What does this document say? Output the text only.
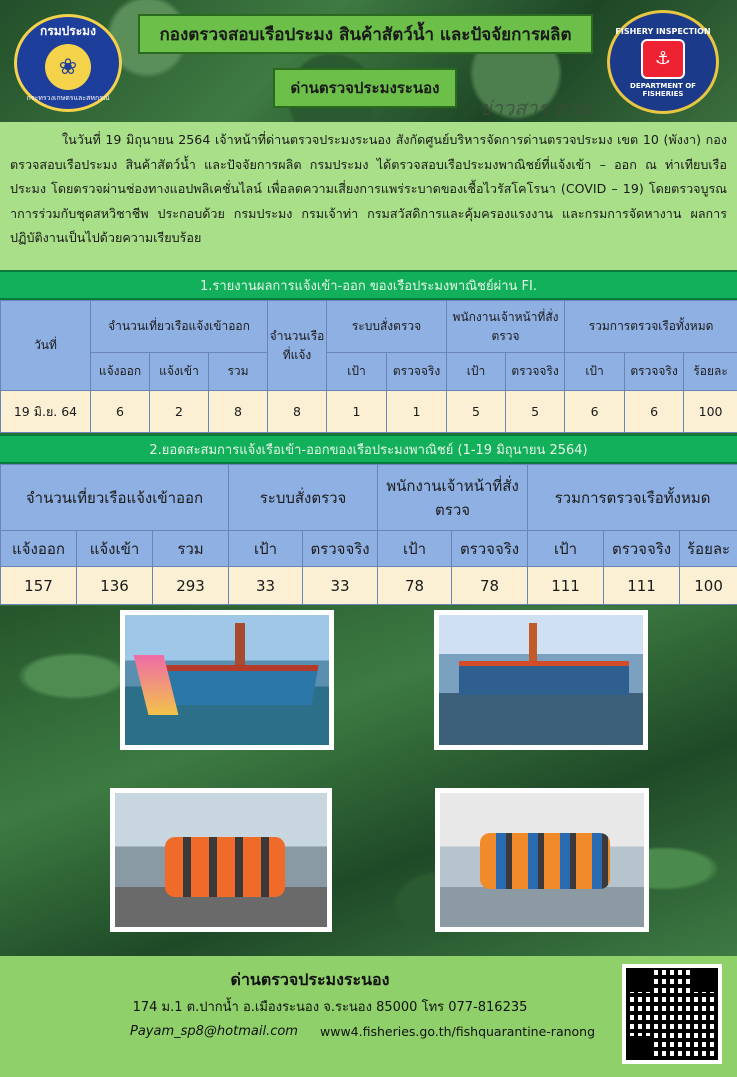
กรมประมง
❀
กระทรวงเกษตรและสหกรณ์
กองตรวจสอบเรือประมง สินค้าสัตว์น้ำ และปัจจัยการผลิต
ด่านตรวจประมงระนอง
FISHERY INSPECTION
⚓
DEPARTMENT OF FISHERIES
ข่าวสาร ด่าน
ในวันที่ 19 มิถุนายน 2564 เจ้าหน้าที่ด่านตรวจประมงระนอง สังกัดศูนย์บริหารจัดการด่านตรวจประมง เขต 10 (พังงา) กองตรวจสอบเรือประมง สินค้าสัตว์น้ำ และปัจจัยการผลิต กรมประมง ได้ตรวจสอบเรือประมงพาณิชย์ที่แจ้งเข้า – ออก ณ ท่าเทียบเรือประมง โดยตรวจผ่านช่องทางแอปพลิเคชั่นไลน์ เพื่อลดความเสี่ยงการแพร่ระบาดของเชื้อไวรัสโคโรนา (COVID – 19) โดยตรวจบูรณาการร่วมกับชุดสหวิชาชีพ ประกอบด้วย กรมประมง กรมเจ้าท่า กรมสวัสดิการและคุ้มครองแรงงาน และกรมการจัดหางาน ผลการปฏิบัติงานเป็นไปด้วยความเรียบร้อย
1.รายงานผลการแจ้งเข้า-ออก ของเรือประมงพาณิชย์ผ่าน FI.
วันที่	จำนวนเที่ยวเรือแจ้งเข้าออก			จำนวนเรือที่แจ้ง	ระบบสั่งตรวจ		พนักงานเจ้าหน้าที่สั่งตรวจ		รวมการตรวจเรือทั้งหมด		
	แจ้งออก	แจ้งเข้า	รวม		เป้า	ตรวจจริง	เป้า	ตรวจจริง	เป้า	ตรวจจริง	ร้อยละ
19 มิ.ย. 64	6	2	8	8	1	1	5	5	6	6	100
2.ยอดสะสมการแจ้งเรือเข้า-ออกของเรือประมงพาณิชย์ (1-19 มิถุนายน 2564)
จำนวนเที่ยวเรือแจ้งเข้าออก			ระบบสั่งตรวจ		พนักงานเจ้าหน้าที่สั่งตรวจ		รวมการตรวจเรือทั้งหมด		
แจ้งออก	แจ้งเข้า	รวม	เป้า	ตรวจจริง	เป้า	ตรวจจริง	เป้า	ตรวจจริง	ร้อยละ
157	136	293	33	33	78	78	111	111	100
ด่านตรวจประมงระนอง
174 ม.1 ต.ปากน้ำ อ.เมืองระนอง จ.ระนอง 85000 โทร 077-816235
Payam_sp8@hotmail.com www4.fisheries.go.th/fishquarantine-ranong
